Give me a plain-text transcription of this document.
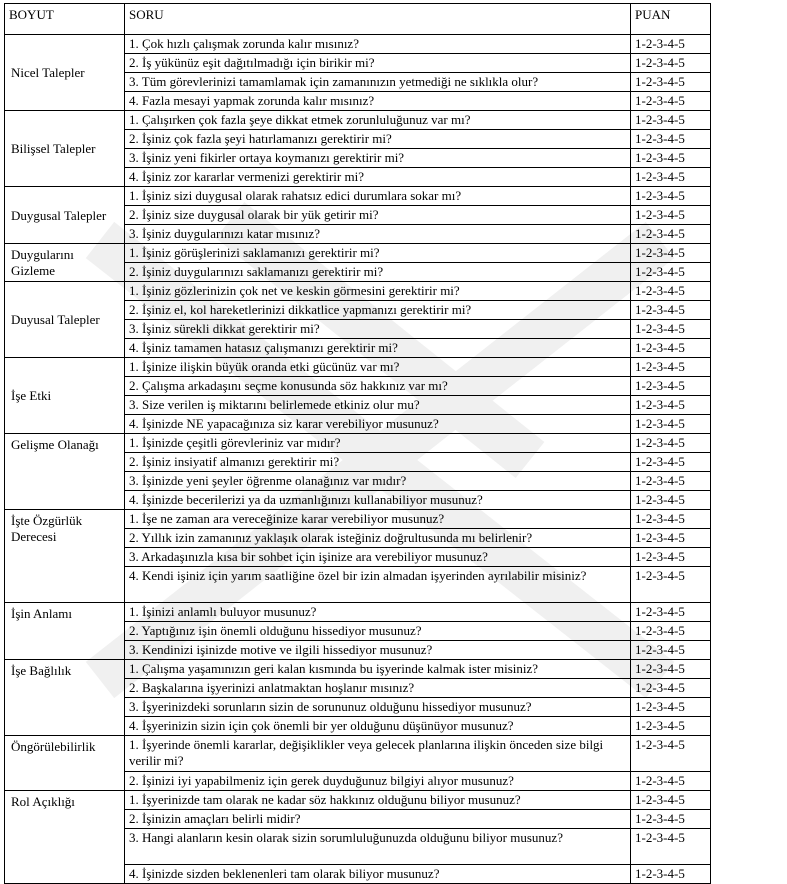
BOYUT	SORU	PUAN
Nicel Talepler	1. Çok hızlı çalışmak zorunda kalır mısınız?	1-2-3-4-5
	2. İş yükünüz eşit dağıtılmadığı için birikir mi?	1-2-3-4-5
	3. Tüm görevlerinizi tamamlamak için zamanınızın yetmediği ne sıklıkla olur?	1-2-3-4-5
	4. Fazla mesayi yapmak zorunda kalır mısınız?	1-2-3-4-5
Bilişsel Talepler	1. Çalışırken çok fazla şeye dikkat etmek zorunluluğunuz var mı?	1-2-3-4-5
	2. İşiniz çok fazla şeyi hatırlamanızı gerektirir mi?	1-2-3-4-5
	3. İşiniz yeni fikirler ortaya koymanızı gerektirir mi?	1-2-3-4-5
	4. İşiniz zor kararlar vermenizi gerektirir mi?	1-2-3-4-5
Duygusal Talepler	1. İşiniz sizi duygusal olarak rahatsız edici durumlara sokar mı?	1-2-3-4-5
	2. İşiniz size duygusal olarak bir yük getirir mi?	1-2-3-4-5
	3. İşiniz duygularınızı katar mısınız?	1-2-3-4-5
Duygularını Gizleme	1. İşiniz görüşlerinizi saklamanızı gerektirir mi?	1-2-3-4-5
	2. İşiniz duygularınızı saklamanızı gerektirir mi?	1-2-3-4-5
Duyusal Talepler	1. İşiniz gözlerinizin çok net ve keskin görmesini gerektirir mi?	1-2-3-4-5
	2. İşiniz el, kol hareketlerinizi dikkatlice yapmanızı gerektirir mi?	1-2-3-4-5
	3. İşiniz sürekli dikkat gerektirir mi?	1-2-3-4-5
	4. İşiniz tamamen hatasız çalışmanızı gerektirir mi?	1-2-3-4-5
İşe Etki	1. İşinize ilişkin büyük oranda etki gücünüz var mı?	1-2-3-4-5
	2. Çalışma arkadaşını seçme konusunda söz hakkınız var mı?	1-2-3-4-5
	3. Size verilen iş miktarını belirlemede etkiniz olur mu?	1-2-3-4-5
	4. İşinizde NE yapacağınıza siz karar verebiliyor musunuz?	1-2-3-4-5
Gelişme Olanağı	1. İşinizde çeşitli görevleriniz var mıdır?	1-2-3-4-5
	2. İşiniz insiyatif almanızı gerektirir mi?	1-2-3-4-5
	3. İşinizde yeni şeyler öğrenme olanağınız var mıdır?	1-2-3-4-5
	4. İşinizde becerilerizi ya da uzmanlığınızı kullanabiliyor musunuz?	1-2-3-4-5
İşte Özgürlük Derecesi	1. İşe ne zaman ara vereceğinize karar verebiliyor musunuz?	1-2-3-4-5
	2. Yıllık izin zamanınız yaklaşık olarak isteğiniz doğrultusunda mı belirlenir?	1-2-3-4-5
	3. Arkadaşınızla kısa bir sohbet için işinize ara verebiliyor musunuz?	1-2-3-4-5
	4. Kendi işiniz için yarım saatliğine özel bir izin almadan işyerinden ayrılabilir misiniz?	1-2-3-4-5
İşin Anlamı	1. İşinizi anlamlı buluyor musunuz?	1-2-3-4-5
	2. Yaptığınız işin önemli olduğunu hissediyor musunuz?	1-2-3-4-5
	3. Kendinizi işinizde motive ve ilgili hissediyor musunuz?	1-2-3-4-5
İşe Bağlılık	1. Çalışma yaşamınızın geri kalan kısmında bu işyerinde kalmak ister misiniz?	1-2-3-4-5
	2. Başkalarına işyerinizi anlatmaktan hoşlanır mısınız?	1-2-3-4-5
	3. İşyerinizdeki sorunların sizin de sorununuz olduğunu hissediyor musunuz?	1-2-3-4-5
	4. İşyerinizin sizin için çok önemli bir yer olduğunu düşünüyor musunuz?	1-2-3-4-5
Öngörülebilirlik	1. İşyerinde önemli kararlar, değişiklikler veya gelecek planlarına ilişkin önceden size bilgi verilir mi?	1-2-3-4-5
	2. İşinizi iyi yapabilmeniz için gerek duyduğunuz bilgiyi alıyor musunuz?	1-2-3-4-5
Rol Açıklığı	1. İşyerinizde tam olarak ne kadar söz hakkınız olduğunu biliyor musunuz?	1-2-3-4-5
	2. İşinizin amaçları belirli midir?	1-2-3-4-5
	3. Hangi alanların kesin olarak sizin sorumluluğunuzda olduğunu biliyor musunuz?	1-2-3-4-5
	4. İşinizde sizden beklenenleri tam olarak biliyor musunuz?	1-2-3-4-5
